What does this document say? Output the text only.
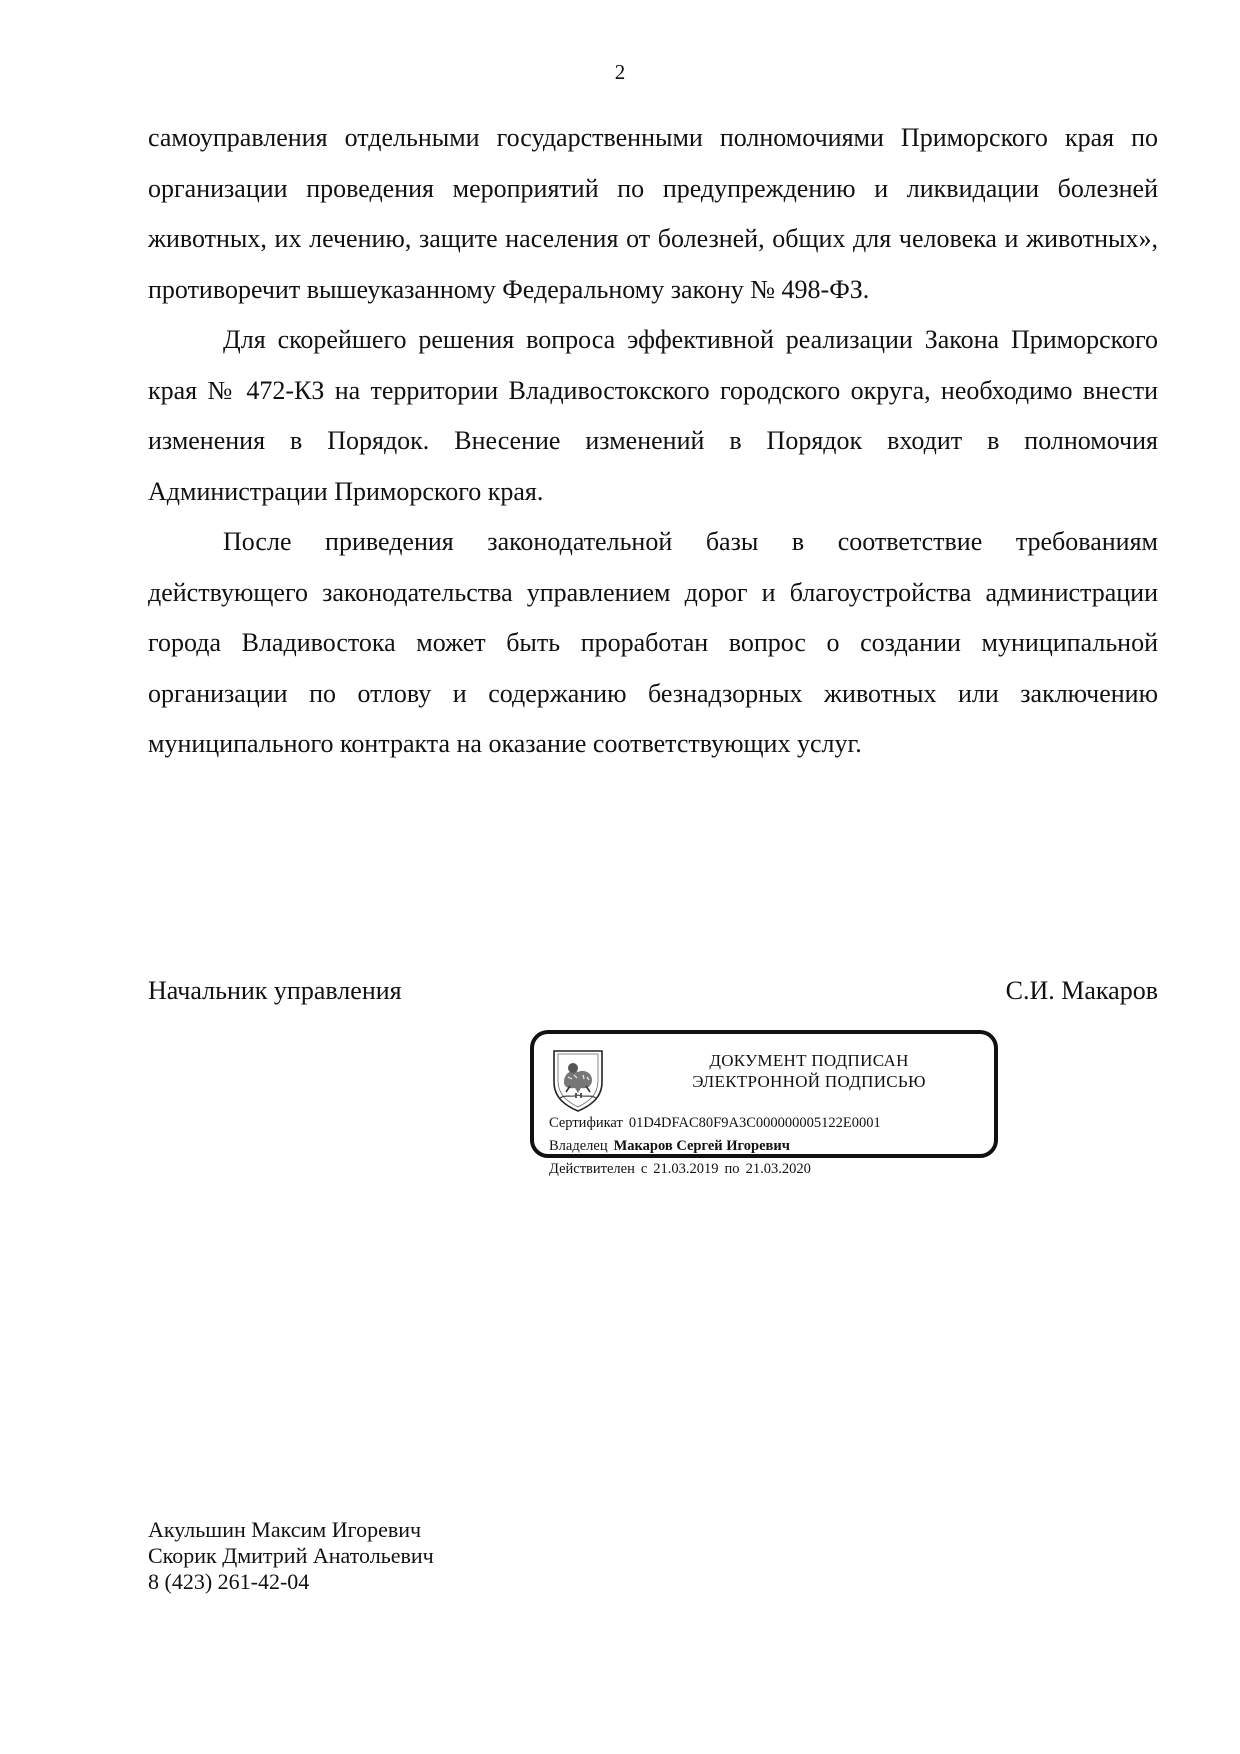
2

самоуправления отдельными государственными полномочиями Приморского края по организации проведения мероприятий по предупреждению и ликвидации болезней животных, их лечению, защите населения от болезней, общих для человека и животных», противоречит вышеуказанному Федеральному закону № 498-ФЗ.

Для скорейшего решения вопроса эффективной реализации Закона Приморского края № 472-КЗ на территории Владивостокского городского округа, необходимо внести изменения в Порядок. Внесение изменений в Порядок входит в полномочия Администрации Приморского края.

После приведения законодательной базы в соответствие требованиям действующего законодательства управлением дорог и благоустройства администрации города Владивостока может быть проработан вопрос о создании муниципальной организации по отлову и содержанию безнадзорных животных или заключению муниципального контракта на оказание соответствующих услуг.

Начальник управления	С.И. Макаров
ДОКУМЕНТ ПОДПИСАН
ЭЛЕКТРОННОЙ ПОДПИСЬЮ
Сертификат 01D4DFAC80F9A3C000000005122E0001
Владелец Макаров Сергей Игоревич
Действителен с 21.03.2019 по 21.03.2020
Акульшин Максим Игоревич
Скорик Дмитрий Анатольевич
8 (423) 261-42-04
